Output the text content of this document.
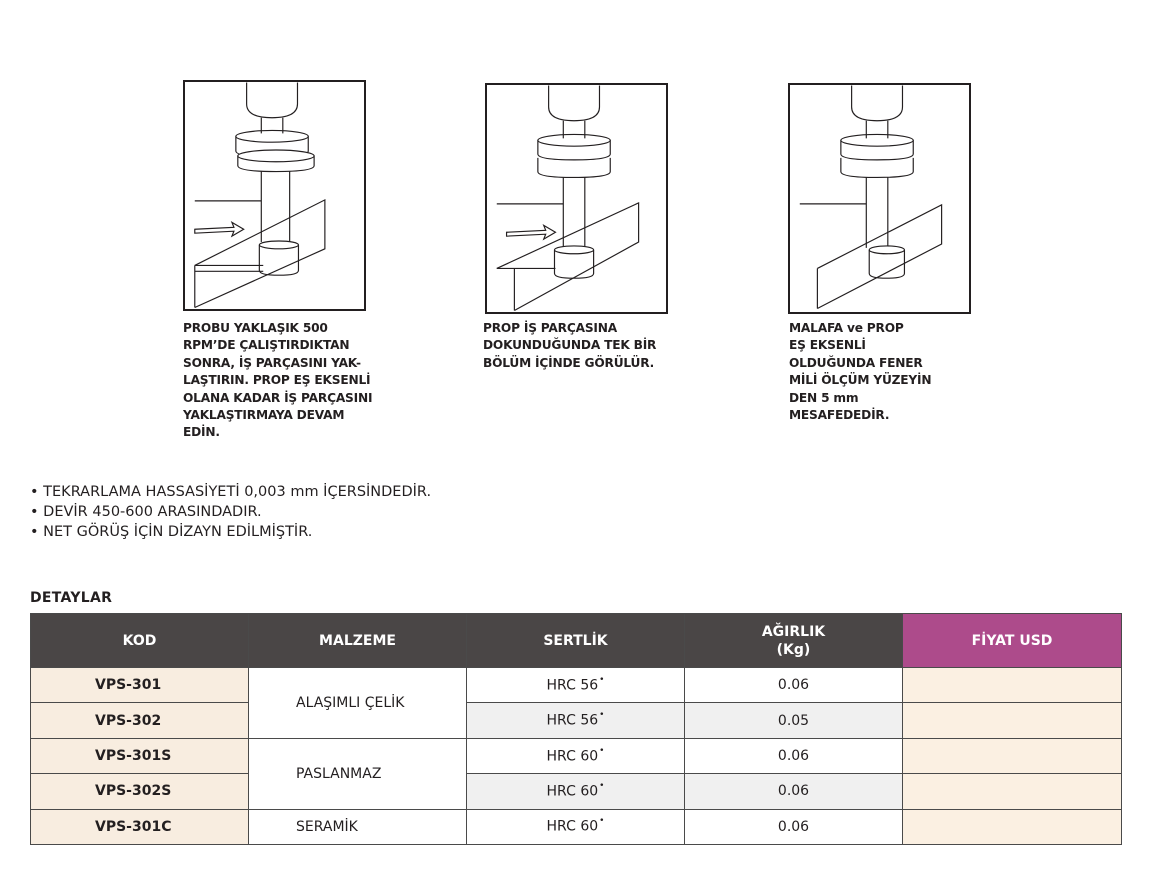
PROBU YAKLAŞIK 500
RPM’DE ÇALIŞTIRDIKTAN
SONRA, İŞ PARÇASINI YAK-
LAŞTIRIN. PROP EŞ EKSENLİ
OLANA KADAR İŞ PARÇASINI
YAKLAŞTIRMAYA DEVAM
EDİN.
PROP İŞ PARÇASINA
DOKUNDUĞUNDA TEK BİR
BÖLÜM İÇİNDE GÖRÜLÜR.
MALAFA ve PROP
EŞ EKSENLİ
OLDUĞUNDA FENER
MİLİ ÖLÇÜM YÜZEYİN
DEN 5 mm
MESAFEDEDİR.
• TEKRARLAMA HASSASİYETİ 0,003 mm İÇERSİNDEDİR.
• DEVİR 450-600 ARASINDADIR.
• NET GÖRÜŞ İÇİN DİZAYN EDİLMİŞTİR.
DETAYLAR
KOD	MALZEME	SERTLİK	AĞIRLIK
(Kg)	FİYAT USD
VPS-301	ALAŞIMLI ÇELİK	HRC 56•	0.06	
VPS-302		HRC 56•	0.05	
VPS-301S	PASLANMAZ	HRC 60•	0.06	
VPS-302S		HRC 60•	0.06	
VPS-301C	SERAMİK	HRC 60•	0.06	
